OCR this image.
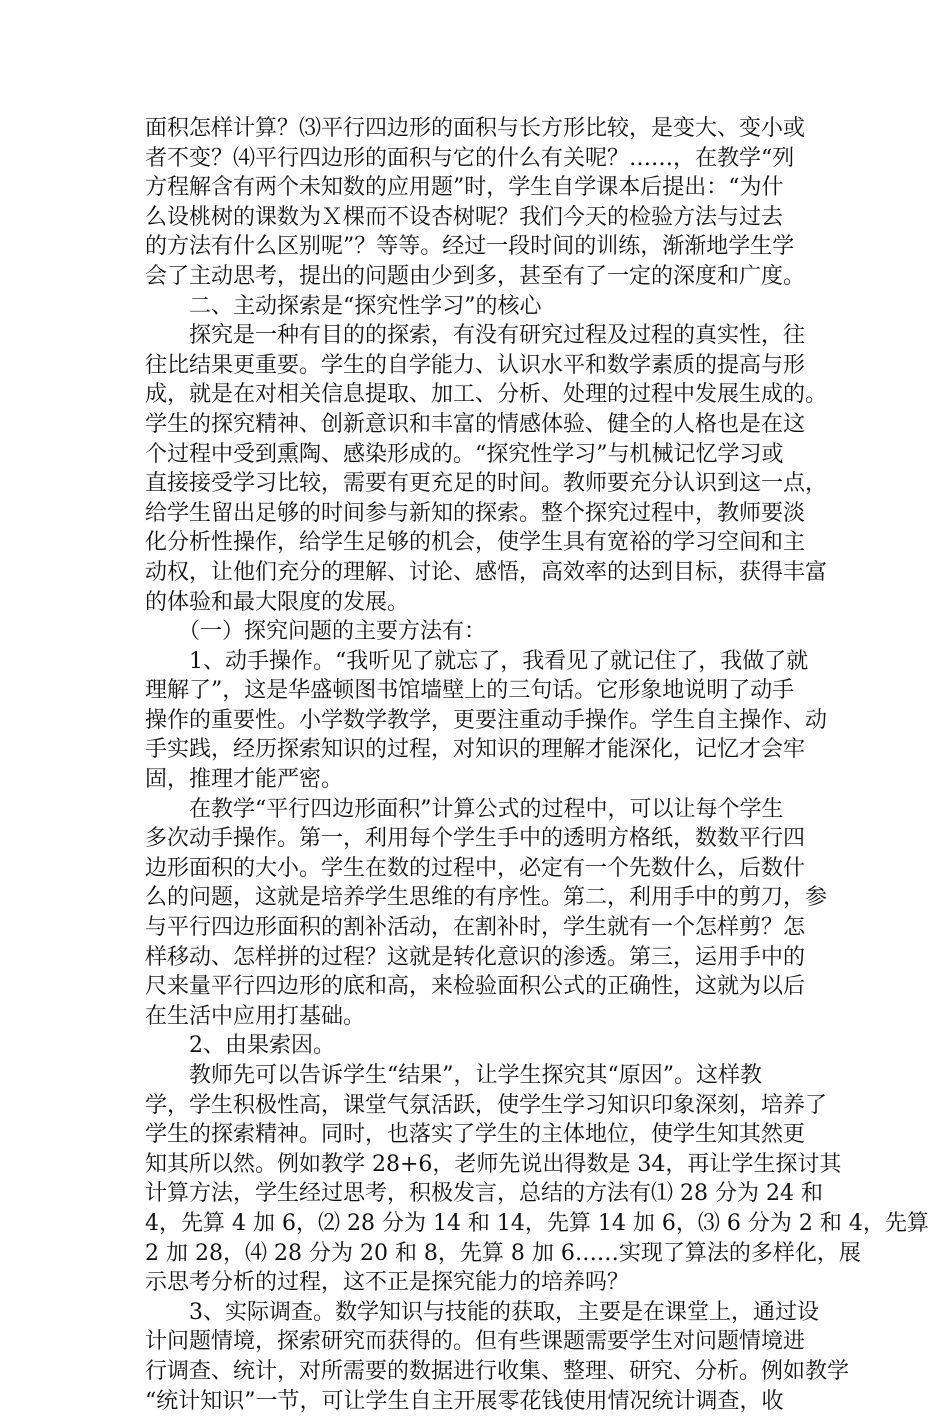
面积怎样计算？⑶平行四边形的面积与长方形比较，是变大、变小或
者不变？⑷平行四边形的面积与它的什么有关呢？……，在教学“列
方程解含有两个未知数的应用题”时，学生自学课本后提出：“为什
么设桃树的课数为Ｘ棵而不设杏树呢？我们今天的检验方法与过去
的方法有什么区别呢”？等等。经过一段时间的训练，渐渐地学生学
会了主动思考，提出的问题由少到多，甚至有了一定的深度和广度。
　　二、主动探索是“探究性学习”的核心
　　探究是一种有目的的探索，有没有研究过程及过程的真实性，往
往比结果更重要。学生的自学能力、认识水平和数学素质的提高与形
成，就是在对相关信息提取、加工、分析、处理的过程中发展生成的。
学生的探究精神、创新意识和丰富的情感体验、健全的人格也是在这
个过程中受到熏陶、感染形成的。“探究性学习”与机械记忆学习或
直接接受学习比较，需要有更充足的时间。教师要充分认识到这一点，
给学生留出足够的时间参与新知的探索。整个探究过程中，教师要淡
化分析性操作，给学生足够的机会，使学生具有宽裕的学习空间和主
动权，让他们充分的理解、讨论、感悟，高效率的达到目标，获得丰富
的体验和最大限度的发展。
　　（一）探究问题的主要方法有：
　　1、动手操作。“我听见了就忘了，我看见了就记住了，我做了就
理解了”，这是华盛顿图书馆墙壁上的三句话。它形象地说明了动手
操作的重要性。小学数学教学，更要注重动手操作。学生自主操作、动
手实践，经历探索知识的过程，对知识的理解才能深化，记忆才会牢
固，推理才能严密。
　　在教学“平行四边形面积”计算公式的过程中，可以让每个学生
多次动手操作。第一，利用每个学生手中的透明方格纸，数数平行四
边形面积的大小。学生在数的过程中，必定有一个先数什么，后数什
么的问题，这就是培养学生思维的有序性。第二，利用手中的剪刀，参
与平行四边形面积的割补活动，在割补时，学生就有一个怎样剪？怎
样移动、怎样拼的过程？这就是转化意识的渗透。第三，运用手中的
尺来量平行四边形的底和高，来检验面积公式的正确性，这就为以后
在生活中应用打基础。
　　2、由果索因。
　　教师先可以告诉学生“结果”，让学生探究其“原因”。这样教
学，学生积极性高，课堂气氛活跃，使学生学习知识印象深刻，培养了
学生的探索精神。同时，也落实了学生的主体地位，使学生知其然更
知其所以然。例如教学 28+6，老师先说出得数是 34，再让学生探讨其
计算方法，学生经过思考，积极发言，总结的方法有⑴ 28 分为 24 和
4，先算 4 加 6，⑵ 28 分为 14 和 14，先算 14 加 6，⑶ 6 分为 2 和 4，先算
2 加 28，⑷ 28 分为 20 和 8，先算 8 加 6……实现了算法的多样化，展
示思考分析的过程，这不正是探究能力的培养吗？
　　3、实际调查。数学知识与技能的获取，主要是在课堂上，通过设
计问题情境，探索研究而获得的。但有些课题需要学生对问题情境进
行调查、统计，对所需要的数据进行收集、整理、研究、分析。例如教学
“统计知识”一节，可让学生自主开展零花钱使用情况统计调查，收
